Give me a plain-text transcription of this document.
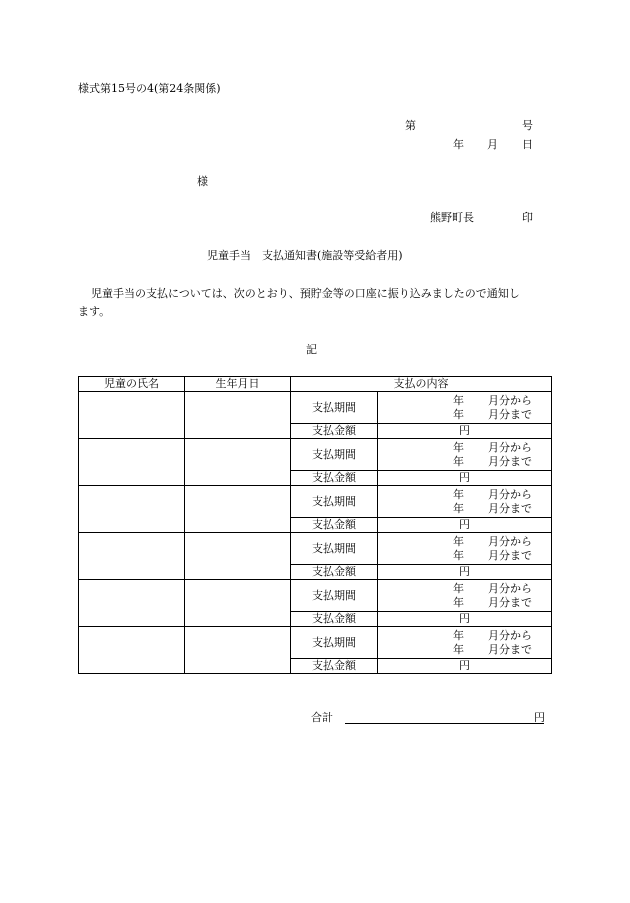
様式第15号の4(第24条関係)
第	号
年 月 日
様
熊野町長	印
児童手当　支払通知書(施設等受給者用)
児童手当の支払については、次のとおり、預貯金等の口座に振り込みましたので通知し
ます。
記
児童の氏名	生年月日	支払の内容	
		支払期間	年 月分から
年 月分まで

		支払金額	円
		支払期間	年 月分から
年 月分まで

		支払金額	円
		支払期間	年 月分から
年 月分まで

		支払金額	円
		支払期間	年 月分から
年 月分まで

		支払金額	円
		支払期間	年 月分から
年 月分まで

		支払金額	円
		支払期間	年 月分から
年 月分まで

		支払金額	円
合計	円
